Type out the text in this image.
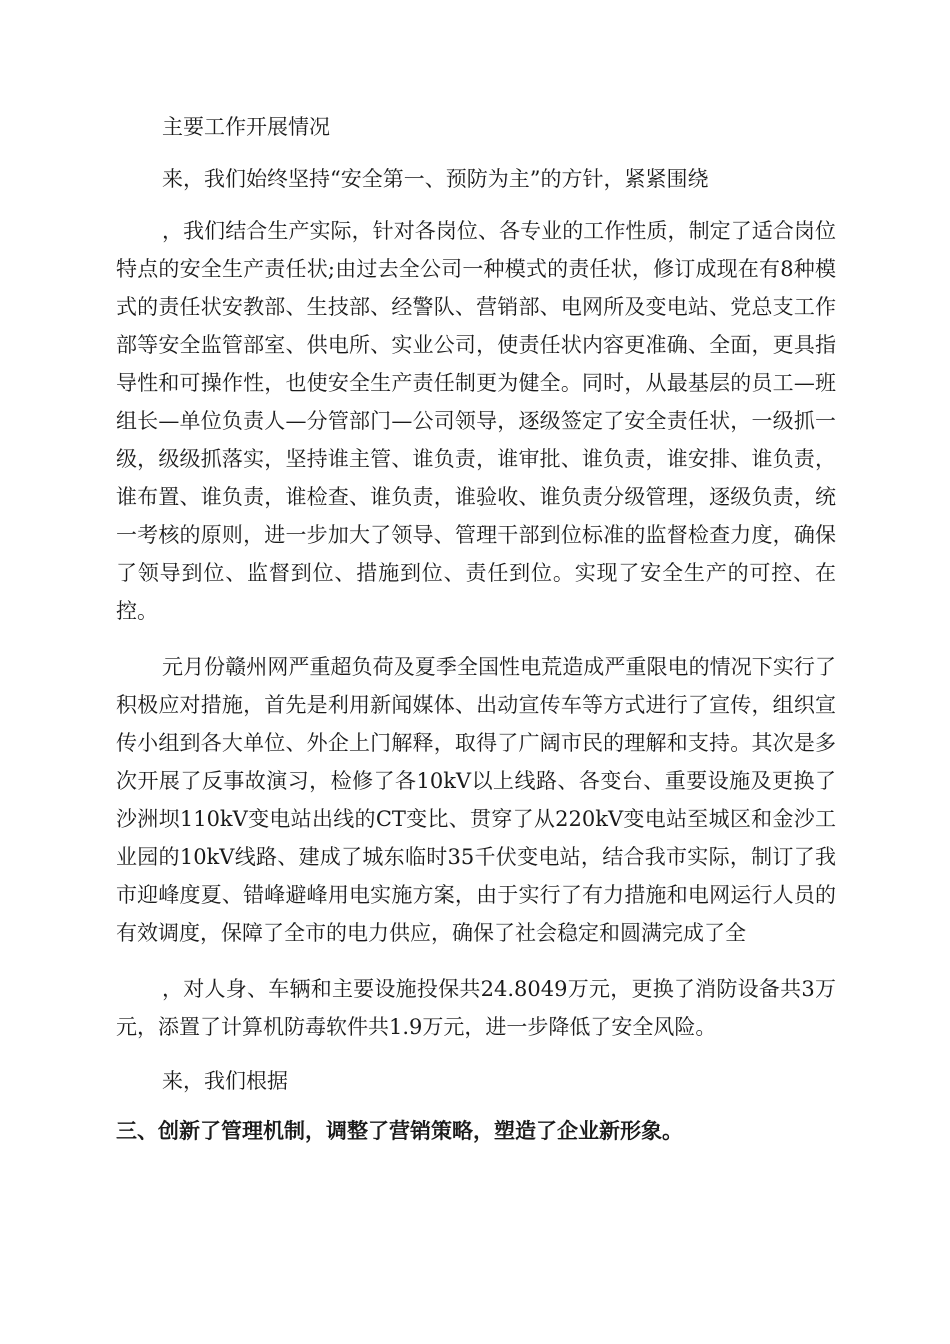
主要工作开展情况

来，我们始终坚持“安全第一、预防为主”的方针，紧紧围绕

，我们结合生产实际，针对各岗位、各专业的工作性质，制定了适合岗位特点的安全生产责任状;由过去全公司一种模式的责任状，修订成现在有8种模式的责任状安教部、生技部、经警队、营销部、电网所及变电站、党总支工作部等安全监管部室、供电所、实业公司，使责任状内容更准确、全面，更具指导性和可操作性，也使安全生产责任制更为健全。同时，从最基层的员工—班组长—单位负责人—分管部门—公司领导，逐级签定了安全责任状，一级抓一级，级级抓落实，坚持谁主管、谁负责，谁审批、谁负责，谁安排、谁负责，谁布置、谁负责，谁检查、谁负责，谁验收、谁负责分级管理，逐级负责，统一考核的原则，进一步加大了领导、管理干部到位标准的监督检查力度，确保了领导到位、监督到位、措施到位、责任到位。实现了安全生产的可控、在控。

元月份赣州网严重超负荷及夏季全国性电荒造成严重限电的情况下实行了积极应对措施，首先是利用新闻媒体、出动宣传车等方式进行了宣传，组织宣传小组到各大单位、外企上门解释，取得了广阔市民的理解和支持。其次是多次开展了反事故演习，检修了各10kV以上线路、各变台、重要设施及更换了沙洲坝110kV变电站出线的CT变比、贯穿了从220kV变电站至城区和金沙工业园的10kV线路、建成了城东临时35千伏变电站，结合我市实际，制订了我市迎峰度夏、错峰避峰用电实施方案，由于实行了有力措施和电网运行人员的有效调度，保障了全市的电力供应，确保了社会稳定和圆满完成了全

，对人身、车辆和主要设施投保共24.8049万元，更换了消防设备共3万元，添置了计算机防毒软件共1.9万元，进一步降低了安全风险。

来，我们根据

三、创新了管理机制，调整了营销策略，塑造了企业新形象。
